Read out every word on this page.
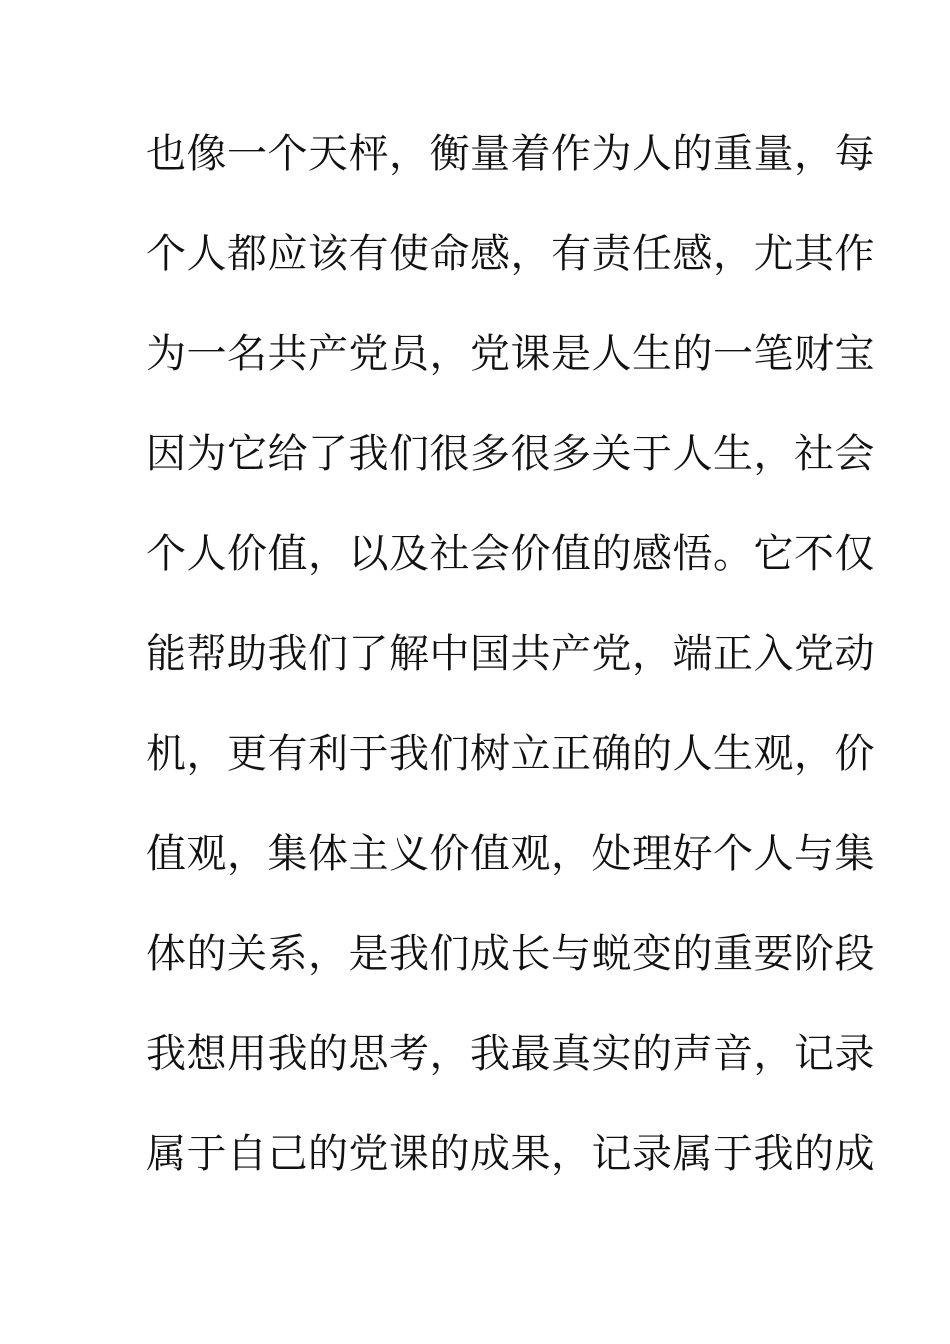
也像一个天枰，衡量着作为人的重量，每
个人都应该有使命感，有责任感，尤其作
为一名共产党员，党课是人生的一笔财宝
因为它给了我们很多很多关于人生，社会
个人价值，以及社会价值的感悟。它不仅
能帮助我们了解中国共产党，端正入党动
机，更有利于我们树立正确的人生观，价
值观，集体主义价值观，处理好个人与集
体的关系，是我们成长与蜕变的重要阶段
我想用我的思考，我最真实的声音，记录
属于自己的党课的成果，记录属于我的成
